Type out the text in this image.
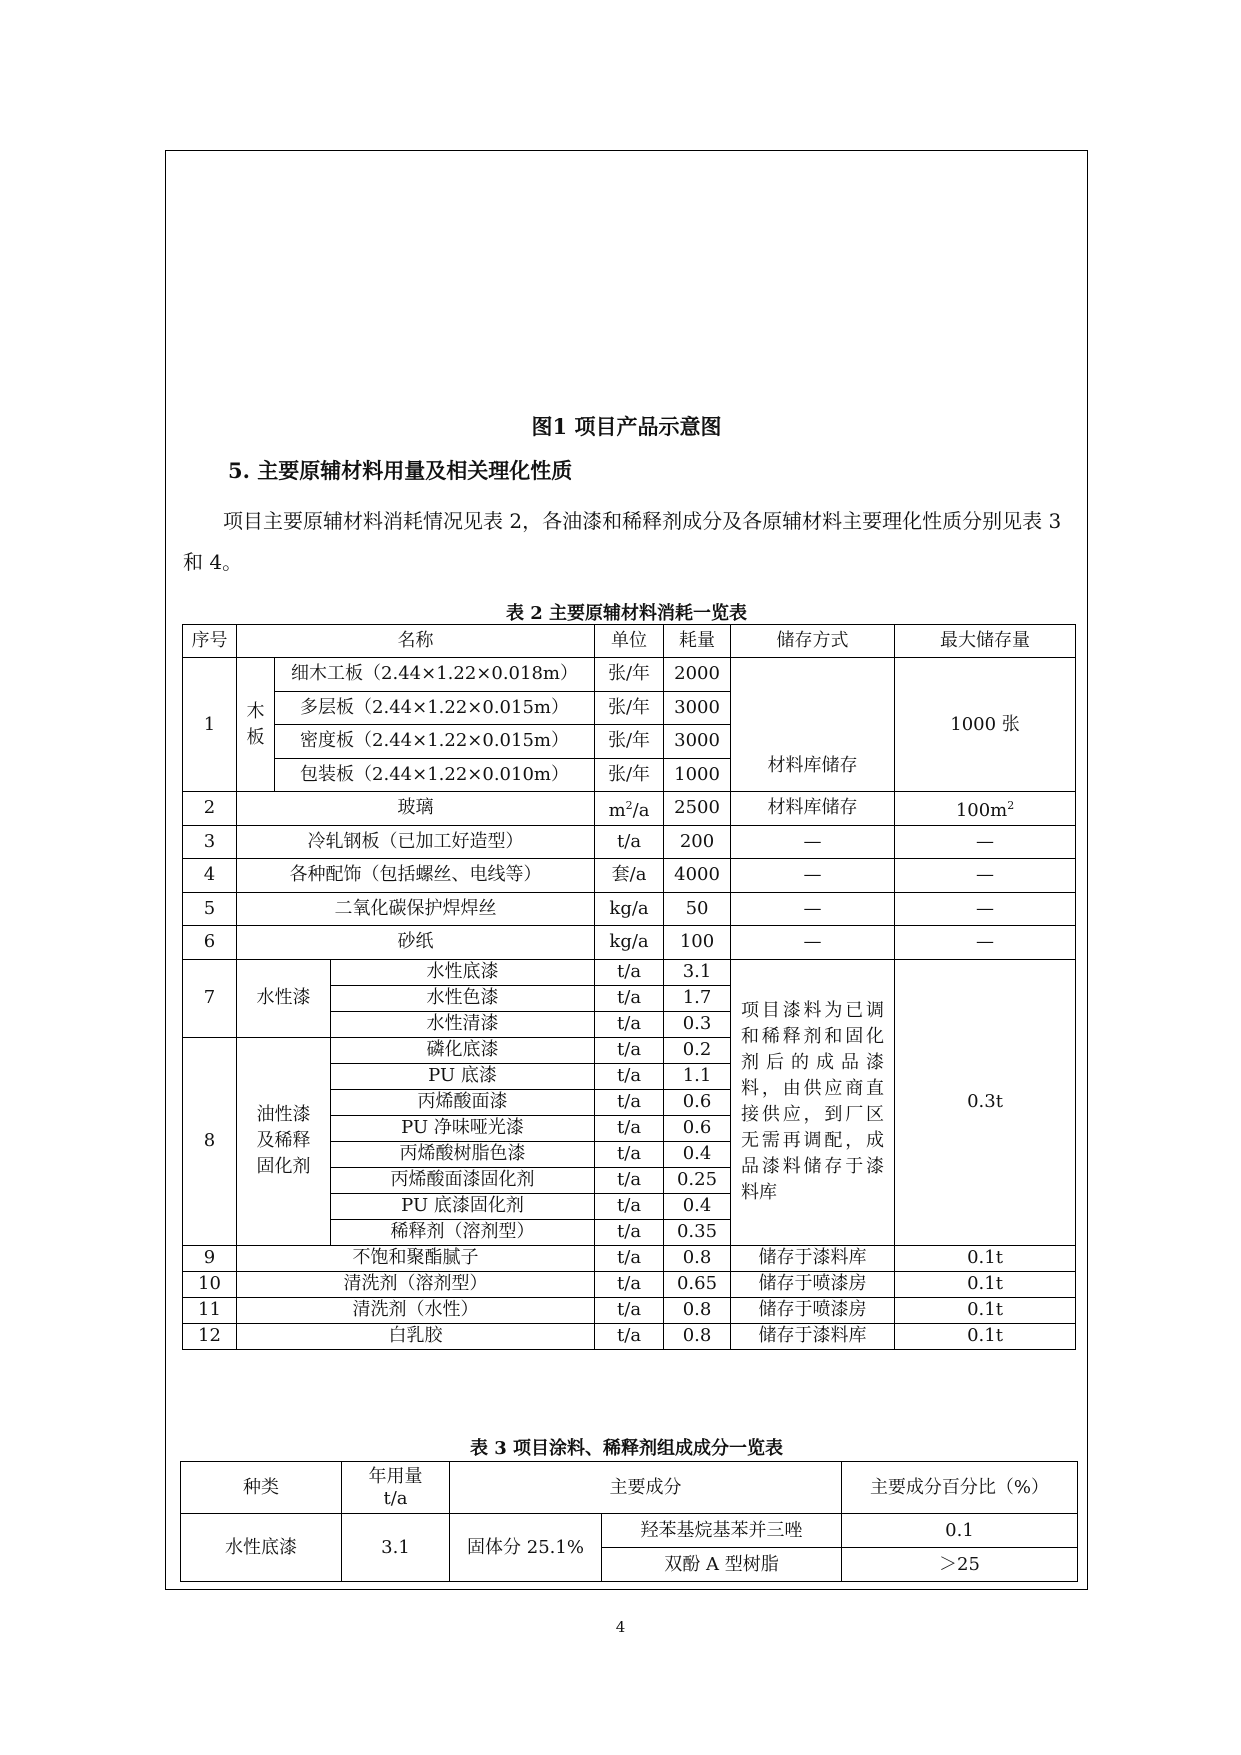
图1 项目产品示意图
5. 主要原辅材料用量及相关理化性质
项目主要原辅材料消耗情况见表 2，各油漆和稀释剂成分及各原辅材料主要理化性质分别见表 3 和 4。
表 2 主要原辅材料消耗一览表
序号	名称			单位	耗量	储存方式	最大储存量
1	木板	细木工板（2.44×1.22×0.018m）		张/年	2000	材料库储存	1000 张
		多层板（2.44×1.22×0.015m）		张/年	3000		
		密度板（2.44×1.22×0.015m）		张/年	3000		
		包装板（2.44×1.22×0.010m）		张/年	1000		
2	玻璃			$m^2/a$	2500	材料库储存	$100m^2$
3	冷轧钢板（已加工好造型）			t/a	200	—	—
4	各种配饰（包括螺丝、电线等）			套/a	4000	—	—
5	二氧化碳保护焊焊丝			kg/a	50	—	—
6	砂纸			kg/a	100	—	—
7	水性漆		水性底漆	t/a	3.1	项目漆料为已调和稀释剂和固化剂后的成品漆料，由供应商直接供应，到厂区无需再调配，成品漆料储存于漆料库	0.3t
			水性色漆	t/a	1.7		
			水性清漆	t/a	0.3		
8	油性漆及稀释固化剂		磷化底漆	t/a	0.2		
			PU 底漆	t/a	1.1		
			丙烯酸面漆	t/a	0.6		
			PU 净味哑光漆	t/a	0.6		
			丙烯酸树脂色漆	t/a	0.4		
			丙烯酸面漆固化剂	t/a	0.25		
			PU 底漆固化剂	t/a	0.4		
			稀释剂（溶剂型）	t/a	0.35		
9	不饱和聚酯腻子			t/a	0.8	储存于漆料库	0.1t
10	清洗剂（溶剂型）			t/a	0.65	储存于喷漆房	0.1t
11	清洗剂（水性）			t/a	0.8	储存于喷漆房	0.1t
12	白乳胶			t/a	0.8	储存于漆料库	0.1t
表 3 项目涂料、稀释剂组成成分一览表
种类	年用量 t/a	主要成分		主要成分百分比（%）
水性底漆	3.1	固体分 25.1%	羟苯基烷基苯并三唑	0.1
			双酚 A 型树脂	＞25
4
